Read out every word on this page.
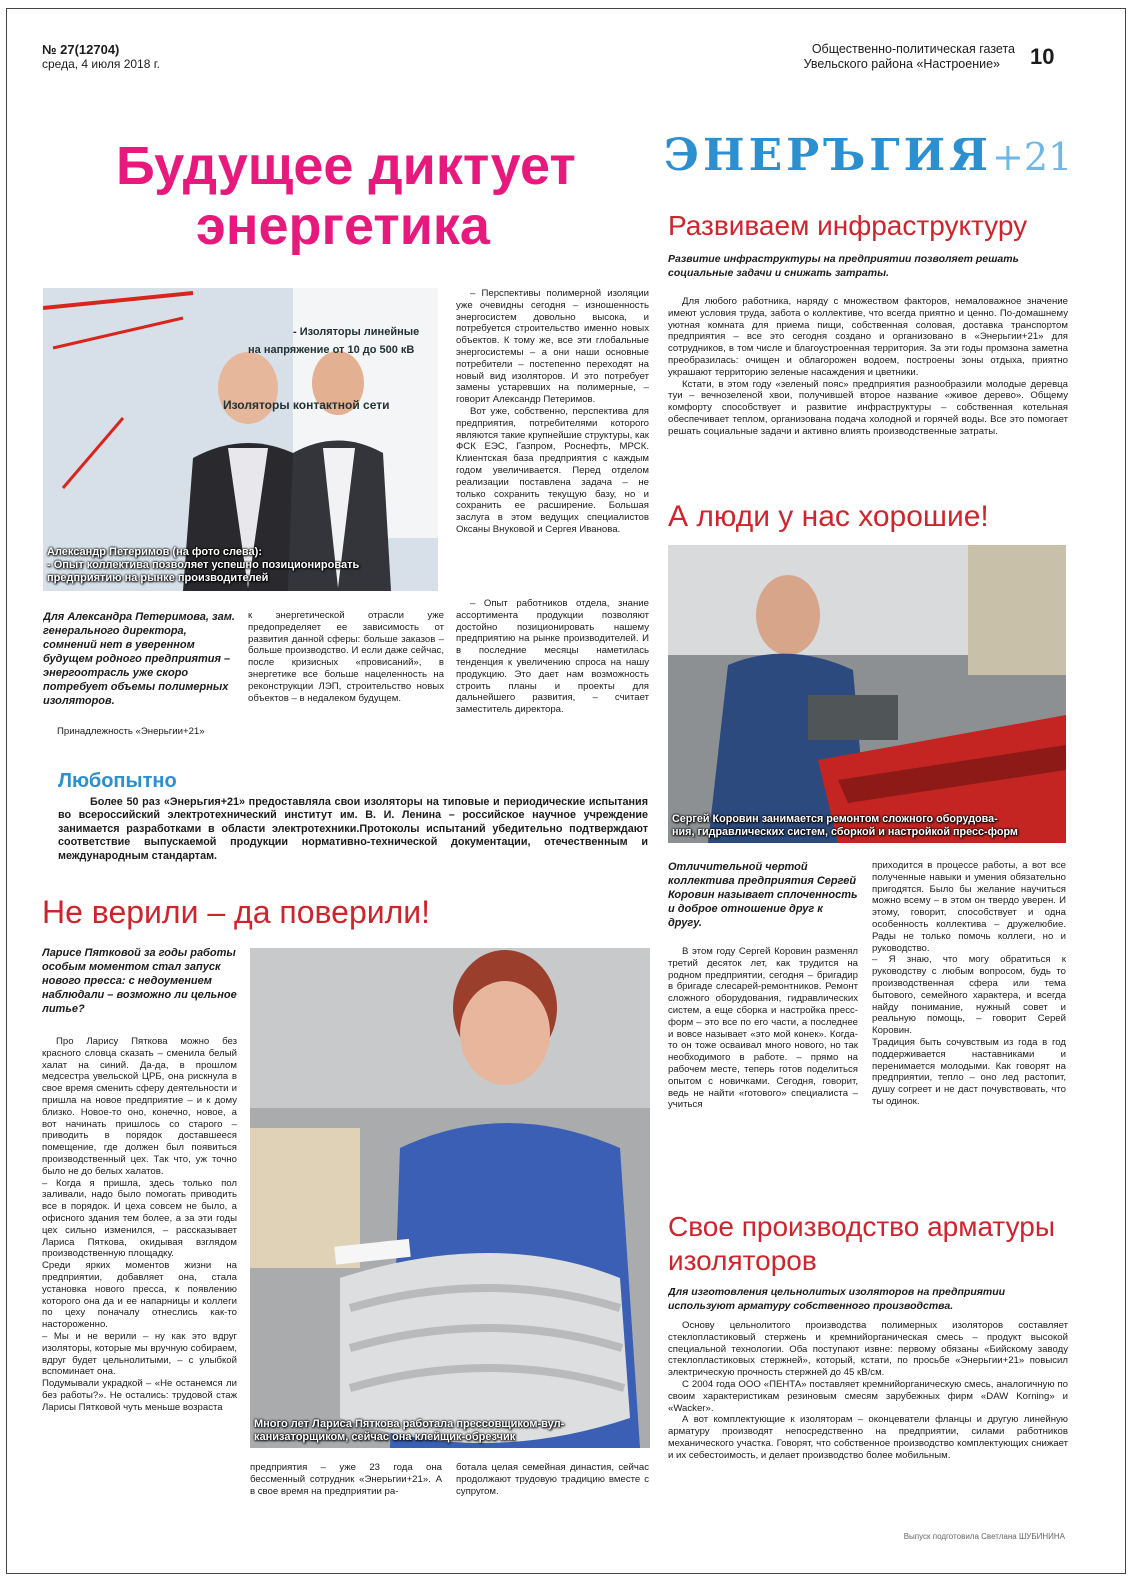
№ 27(12704)
среда, 4 июля 2018 г.
Общественно-политическая газета
Увельского района «Настроение» 10
Будущее диктует
энергетика
ЭНЕРЪГИЯ+21
- Изоляторы линейные
на напряжение от 10 до 500 кВ
Изоляторы контактной сети
Александр Петеримов (на фото слева):
- Опыт коллектива позволяет успешно позиционировать
предприятию на рынке производителей

– Перспективы полимерной изоляции уже очевидны сегодня – изношенность энергосистем довольно высока, и потребуется строительство именно новых объектов. К тому же, все эти глобальные энергосистемы – а они наши основные потребители – постепенно переходят на новый вид изоляторов. И это потребует замены устаревших на полимерные, – говорит Александр Петеримов.

Вот уже, собственно, перспектива для предприятия, потребителями которого являются такие крупнейшие структуры, как ФСК ЕЭС, Газпром, Роснефть, МРСК. Клиентская база предприятия с каждым годом увеличивается. Перед отделом реализации поставлена задача – не только сохранить текущую базу, но и сохранить ее расширение. Большая заслуга в этом ведущих специалистов Оксаны Внуковой и Сергея Иванова.

Для Александра Петеримова, зам. генерального директора, сомнений нет в уверенном будущем родного предприятия – энергоотрасль уже скоро потребует объемы полимерных изоляторов.

Принадлежность «Энерьгии+21»

к энергетической отрасли уже предопределяет ее зависимость от развития данной сферы: больше заказов – больше производство. И если даже сейчас, после кризисных «провисаний», в энергетике все больше нацеленность на реконструкции ЛЭП, строительство новых объектов – в недалеком будущем.

– Опыт работников отдела, знание ассортимента продукции позволяют достойно позиционировать нашему предприятию на рынке производителей. И в последние месяцы наметилась тенденция к увеличению спроса на нашу продукцию. Это дает нам возможность строить планы и проекты для дальнейшего развития, – считает заместитель директора.

Любопытно
Более 50 раз «Энерьгия+21» предоставляла свои изоляторы на типовые и периодические испытания во всероссийский электротехнический институт им. В. И. Ленина – российское научное учреждение занимается разработками в области электротехники.Протоколы испытаний убедительно подтверждают соответствие выпускаемой продукции нормативно-технической документации, отечественным и международным стандартам.
Не верили – да поверили!
Ларисе Пятковой за годы работы особым моментом стал запуск нового пресса: с недоумением наблюдали – возможно ли цельное литье?

Про Ларису Пяткова можно без красного словца сказать – сменила белый халат на синий. Да-да, в прошлом медсестра увельской ЦРБ, она рискнула в свое время сменить сферу деятельности и пришла на новое предприятие – и к дому близко. Новое-то оно, конечно, новое, а вот начинать пришлось со старого – приводить в порядок доставшееся помещение, где должен был появиться производственный цех. Так что, уж точно было не до белых халатов.
– Когда я пришла, здесь только пол заливали, надо было помогать приводить все в порядок. И цеха совсем не было, а офисного здания тем более, а за эти годы цех сильно изменился, – рассказывает Лариса Пяткова, окидывая взглядом производственную площадку.
Среди ярких моментов жизни на предприятии, добавляет она, стала установка нового пресса, к появлению которого она да и ее напарницы и коллеги по цеху поначалу отнеслись как-то настороженно.
– Мы и не верили – ну как это вдруг изоляторы, которые мы вручную собираем, вдруг будет цельнолитыми, – с улыбкой вспоминает она.
Подумывали украдкой – «Не останемся ли без работы?». Не остались: трудовой стаж Ларисы Пятковой чуть меньше возраста

Много лет Лариса Пяткова работала прессовщиком-вул-
канизаторщиком, сейчас она клейщик-обрезчик

предприятия – уже 23 года она бессменный сотрудник «Энерьгии+21». А в свое время на предприятии ра-

ботала целая семейная династия, сейчас продолжают трудовую традицию вместе с супругом.

Развиваем инфраструктуру
Развитие инфраструктуры на предприятии позволяет решать социальные задачи и снижать затраты.

Для любого работника, наряду с множеством факторов, немаловажное значение имеют условия труда, забота о коллективе, что всегда приятно и ценно. По-домашнему уютная комната для приема пищи, собственная соловая, доставка транспортом предприятия – все это сегодня создано и организовано в «Энерьгии+21» для сотрудников, в том числе и благоустроенная территория. За эти годы промзона заметна преобразилась: очищен и облагорожен водоем, построены зоны отдыха, приятно украшают территорию зеленые насаждения и цветники.

Кстати, в этом году «зеленый пояс» предприятия разнообразили молодые деревца туи – вечнозеленой хвои, получившей второе название «живое дерево». Общему комфорту способствует и развитие инфраструктуры – собственная котельная обеспечивает теплом, организована подача холодной и горячей воды. Все это помогает решать социальные задачи и активно влиять производственные затраты.

А люди у нас хорошие!
Сергей Коровин занимается ремонтом сложного оборудова-
ния, гидравлических систем, сборкой и настройкой пресс-форм
Отличительной чертой коллектива предприятия Сергей Коровин называет сплоченность и доброе отношение друг к другу.

В этом году Сергей Коровин разменял третий десяток лет, как трудится на родном предприятии, сегодня – бригадир в бригаде слесарей-ремонтников. Ремонт сложного оборудования, гидравлических систем, а еще сборка и настройка пресс-форм – это все по его части, а последнее и вовсе называет «это мой конек». Когда-то он тоже осваивал много нового, но так необходимого в работе. – прямо на рабочем месте, теперь готов поделиться опытом с новичками. Сегодня, говорит, ведь не найти «готового» специалиста – учиться

приходится в процессе работы, а вот все полученные навыки и умения обязательно пригодятся. Было бы желание научиться можно всему – в этом он твердо уверен. И этому, говорит, способствует и одна особенность коллектива – дружелюбие. Рады не только помочь коллеги, но и руководство.
– Я знаю, что могу обратиться к руководству с любым вопросом, будь то производственная сфера или тема бытового, семейного характера, и всегда найду понимание, нужный совет и реальную помощь, – говорит Серей Коровин.
Традиция быть сочувствым из года в год поддерживается наставниками и перенимается молодыми. Как говорят на предприятии, тепло – оно лед растопит, душу согреет и не даст почувствовать, что ты одинок.

Свое производство арматуры
изоляторов
Для изготовления цельнолитых изоляторов на предприятии используют арматуру собственного производства.

Основу цельнолитого производства полимерных изоляторов составляет стеклопластиковый стержень и кремнийорганическая смесь – продукт высокой специальной технологии. Оба поступают извне: первому обязаны «Бийскому заводу стеклопластиковых стержней», который, кстати, по просьбе «Энерьгии+21» повысил электрическую прочность стержней до 45 кВ/см.

С 2004 года ООО «ПЕНТА» поставляет кремнийорганическую смесь, аналогичную по своим характеристикам резиновым смесям зарубежных фирм «DAW Korning» и «Wacker».

А вот комплектующие к изоляторам – оконцеватели фланцы и другую линейную арматуру производят непосредственно на предприятии, силами работников механического участка. Говорят, что собственное производство комплектующих снижает и их себестоимость, и делает производство более мобильным.

Выпуск подготовила Светлана ШУБИНИНА
